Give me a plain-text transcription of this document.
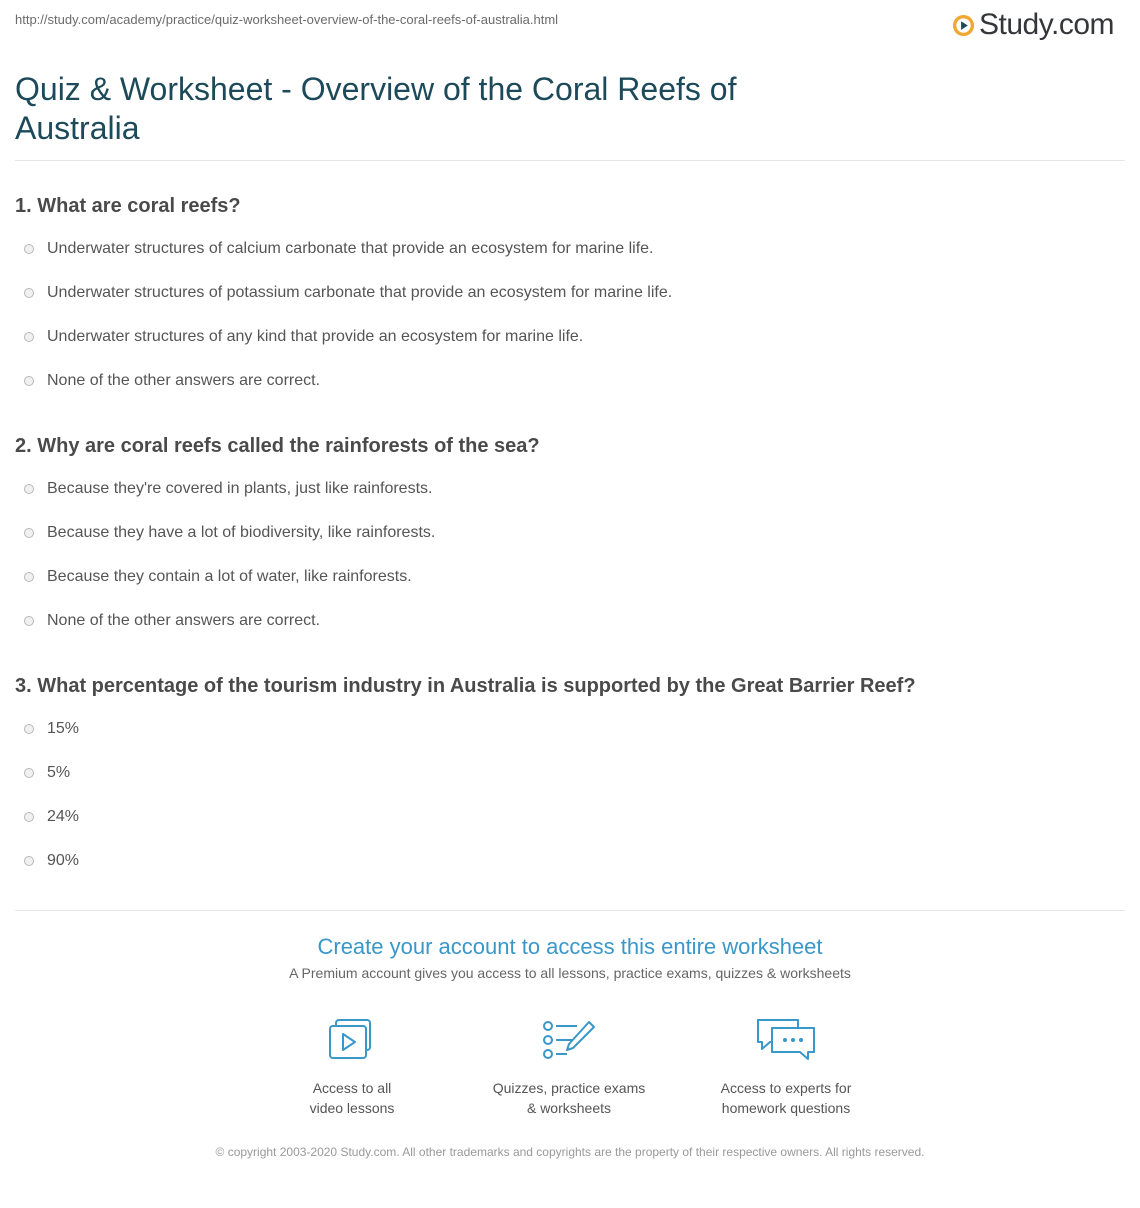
http://study.com/academy/practice/quiz-worksheet-overview-of-the-coral-reefs-of-australia.html	Study.com
Quiz & Worksheet - Overview of the Coral Reefs of Australia

1. What are coral reefs?

Underwater structures of calcium carbonate that provide an ecosystem for marine life.
Underwater structures of potassium carbonate that provide an ecosystem for marine life.
Underwater structures of any kind that provide an ecosystem for marine life.
None of the other answers are correct.

2. Why are coral reefs called the rainforests of the sea?

Because they're covered in plants, just like rainforests.
Because they have a lot of biodiversity, like rainforests.
Because they contain a lot of water, like rainforests.
None of the other answers are correct.

3. What percentage of the tourism industry in Australia is supported by the Great Barrier Reef?

15%
5%
24%
90%
Create your account to access this entire worksheet

A Premium account gives you access to all lessons, practice exams, quizzes & worksheets

Access to all
video lessons
Quizzes, practice exams
& worksheets
Access to experts for
homework questions
© copyright 2003-2020 Study.com. All other trademarks and copyrights are the property of their respective owners. All rights reserved.
